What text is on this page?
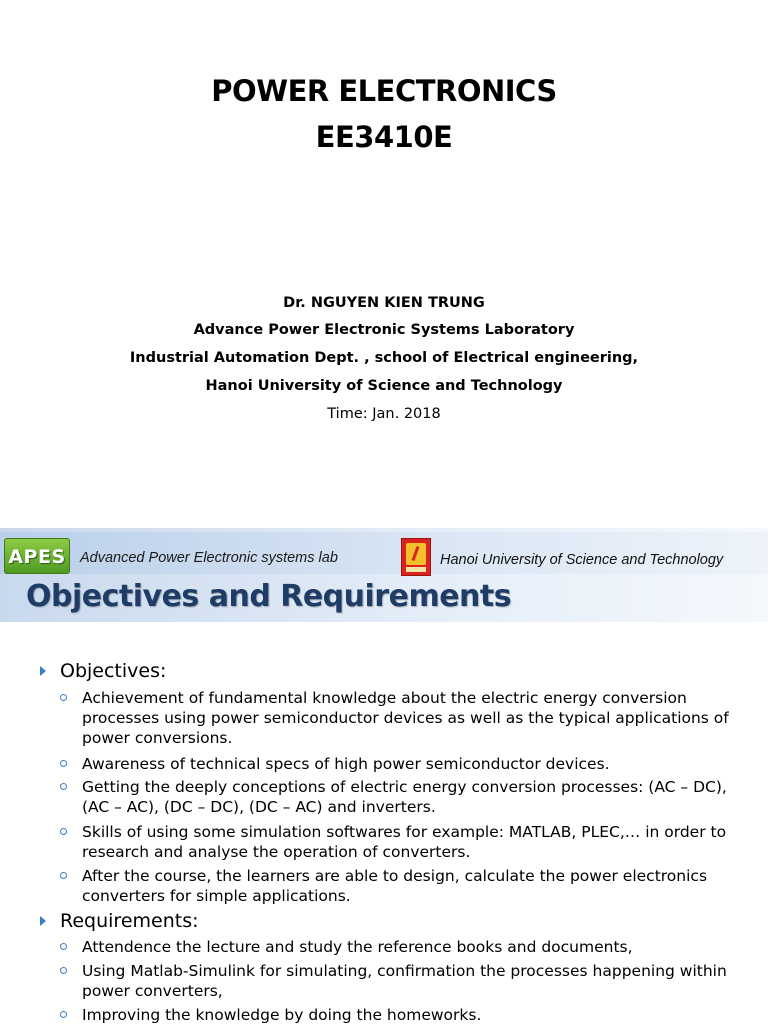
POWER ELECTRONICS
EE3410E
Dr. NGUYEN KIEN TRUNG
Advance Power Electronic Systems Laboratory
Industrial Automation Dept. , school of Electrical engineering,
Hanoi University of Science and Technology
Time: Jan. 2018
APES Advanced Power Electronic systems lab	Hanoi University of Science and Technology
Objectives and Requirements
Objectives:
Achievement of fundamental knowledge about the electric energy conversion processes using power semiconductor devices as well as the typical applications of power conversions.
Awareness of technical specs of high power semiconductor devices.
Getting the deeply conceptions of electric energy conversion processes: (AC – DC),(AC – AC), (DC – DC), (DC – AC) and inverters.
Skills of using some simulation softwares for example: MATLAB, PLEC,… in order to research and analyse the operation of converters.
After the course, the learners are able to design, calculate the power electronics converters for simple applications.
Requirements:
Attendence the lecture and study the reference books and documents,
Using Matlab-Simulink for simulating, confirmation the processes happening within power converters,
Improving the knowledge by doing the homeworks.
